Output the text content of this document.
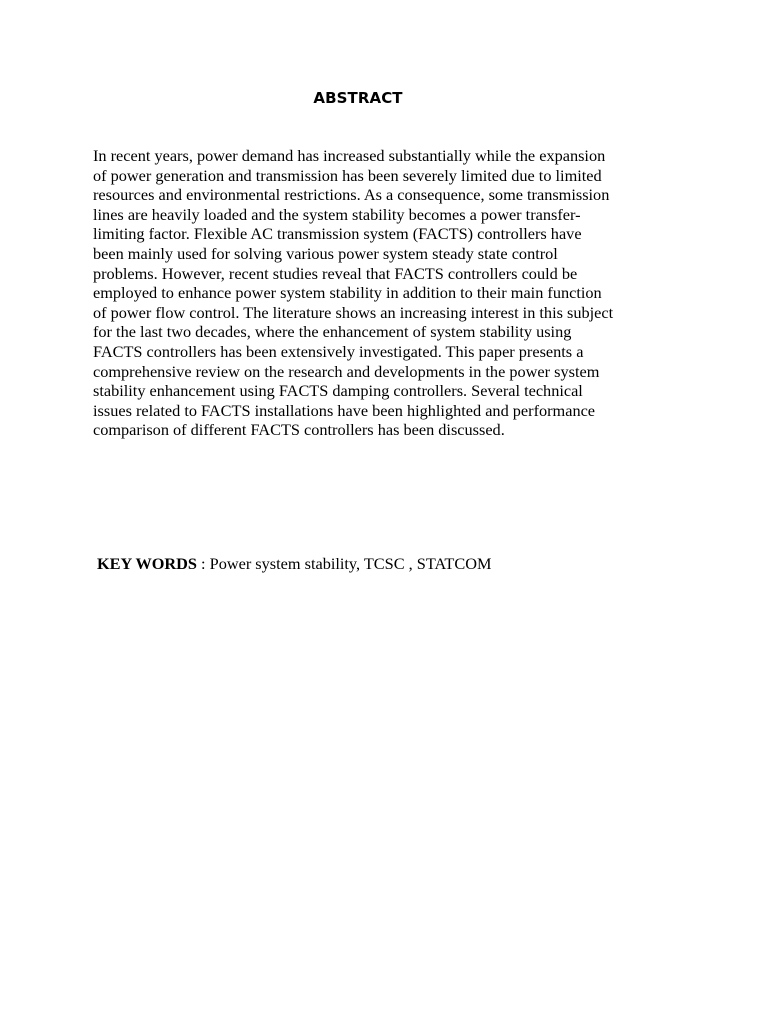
ABSTRACT

In recent years, power demand has increased substantially while the expansion
of power generation and transmission has been severely limited due to limited
resources and environmental restrictions. As a consequence, some transmission
lines are heavily loaded and the system stability becomes a power transfer-
limiting factor. Flexible AC transmission system (FACTS) controllers have
been mainly used for solving various power system steady state control
problems. However, recent studies reveal that FACTS controllers could be
employed to enhance power system stability in addition to their main function
of power flow control. The literature shows an increasing interest in this subject
for the last two decades, where the enhancement of system stability using
FACTS controllers has been extensively investigated. This paper presents a
comprehensive review on the research and developments in the power system
stability enhancement using FACTS damping controllers. Several technical
issues related to FACTS installations have been highlighted and performance
comparison of different FACTS controllers has been discussed.

KEY WORDS : Power system stability, TCSC , STATCOM
